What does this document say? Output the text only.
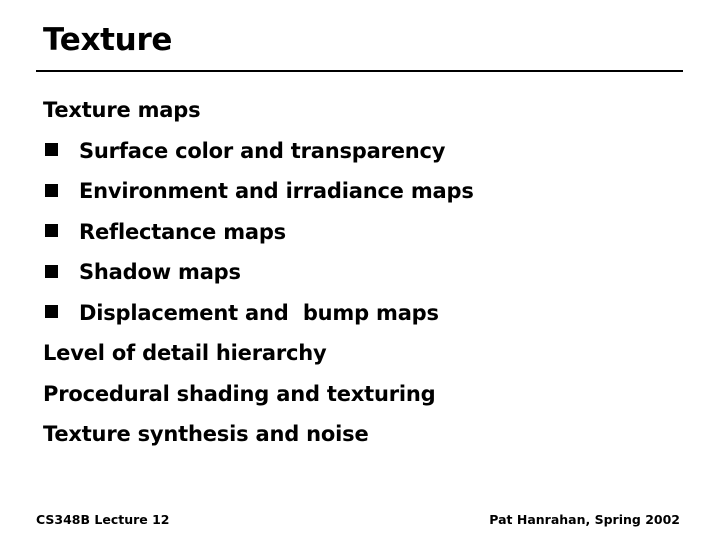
Texture
Texture maps
Surface color and transparency
Environment and irradiance maps
Reflectance maps
Shadow maps
Displacement and  bump maps
Level of detail hierarchy
Procedural shading and texturing
Texture synthesis and noise
CS348B Lecture 12	Pat Hanrahan, Spring 2002
